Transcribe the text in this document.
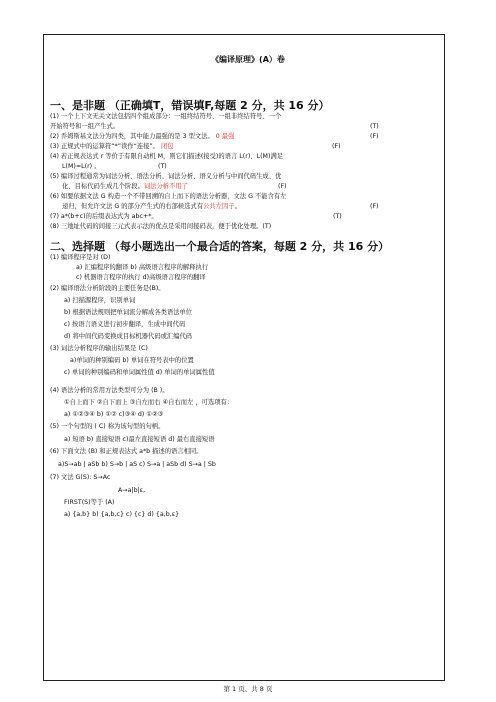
《编译原理》(A）卷
一、是非题 （正确填T，错误填F,每题 2 分，共 16 分）
(1) 一个上下文无关文法包括四个组成部分：一组终结符号、一组非终结符号、一个
开始符号和一组产生式。	(T)
(2) 乔姆斯基文法分为四类，其中能力最强的是 3 型文法。 0 最强	(F)
(3) 正规式中的运算符“*”读作“连接”。 闭包	(F)
(4) 若正规表达式 r 等价于有限自动机 M，则它们描述(接受)的语言 L(r)、L(M)满足
L(M)=L(r) 。	(T)
(5) 编译过程通常为词法分析、语法分析、词法分析、语义分析与中间代码生成、优
化、目标代码生成几个阶段。词法分析不用了	(F)
(6) 如要依据文法 G 构造一个不带回溯的自上而下的语法分析器，文法 G 不能含有左
递归，但允许文法 G 的部分产生式的右部候选式有公共左因子。	(F)
(7) a*(b+c)的后缀表达式为 abc+*。	(T)
(8) 三地址代码的间接三元式表示法的优点是采用间接码表，便于优化处理。(T)
二、选择题 （每小题选出一个最合适的答案，每题 2 分，共 16 分）
(1) 编译程序是对 (D)
a) 汇编程序的翻译 b) 高级语言程序的解释执行
c) 机器语言程序的执行 d)高级语言程序的翻译
(2) 编译语法分析阶段的主要任务是(B)。
a) 扫描源程序，识别单词
b) 根据语法规则把单词流分解成各类语法单位
c) 按语言语义进行初步翻译，生成中间代码
d) 将中间代码变换成目标机器代码或汇编代码
(3) 词法分析程序的输出结果是 (C)
a)单词的种别编码 b) 单词在符号表中的位置
c) 单词的种别编码和单词属性值 d) 单词的单词属性值
(4) 语法分析的常用方法类型可分为 (B )。
①自上而下 ②自下而上 ③自左而右 ④自右而左 ，可选项有：
a) ①②③④ b) ①② c)③④ d) ①②③
(5) 一个句型的 ( C) 称为该句型的句柄。
a) 短语 b) 直接短语 c)最左直接短语 d) 最右直接短语
(6) 下面文法 (B) 和正规表达式 a*b 描述的语言相同。
a)S→ab | aSb b) S→b | aS c) S→a | aSb d) S→a | Sb
(7) 文法 G(S): S→Ac
A→a|b|ε,
FIRST(S)等于 (A)
a) {a,b} b) {a,b,c} c) {c} d) {a,b,ε}
第 1 页、共 8 页
